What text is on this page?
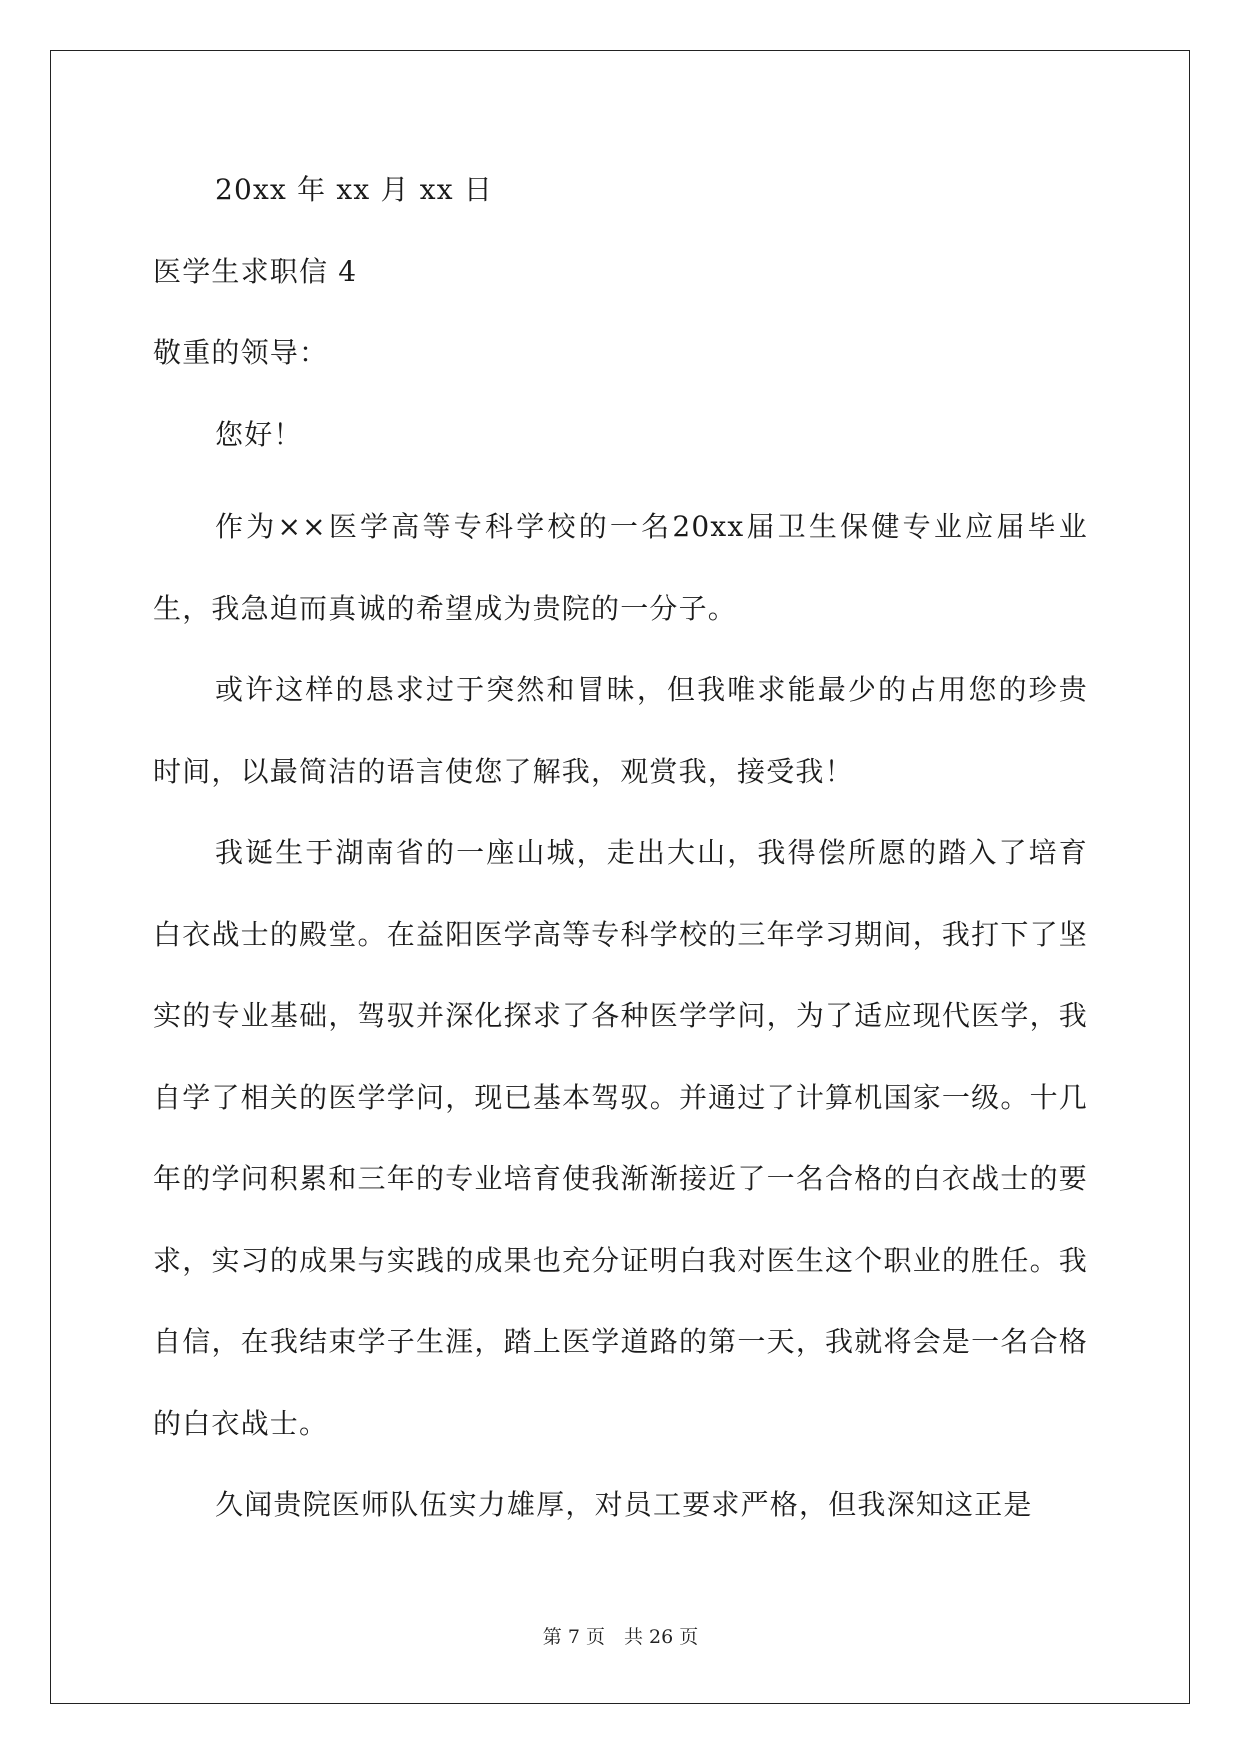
20xx 年 xx 月 xx 日
医学生求职信 4
敬重的领导：
您好！
作为××医学高等专科学校的一名20xx届卫生保健专业应届毕业生，我急迫而真诚的希望成为贵院的一分子。
或许这样的恳求过于突然和冒昧，但我唯求能最少的占用您的珍贵时间，以最简洁的语言使您了解我，观赏我，接受我！
我诞生于湖南省的一座山城，走出大山，我得偿所愿的踏入了培育白衣战士的殿堂。在益阳医学高等专科学校的三年学习期间，我打下了坚实的专业基础，驾驭并深化探求了各种医学学问，为了适应现代医学，我自学了相关的医学学问，现已基本驾驭。并通过了计算机国家一级。十几年的学问积累和三年的专业培育使我渐渐接近了一名合格的白衣战士的要求，实习的成果与实践的成果也充分证明白我对医生这个职业的胜任。我自信，在我结束学子生涯，踏上医学道路的第一天，我就将会是一名合格的白衣战士。
久闻贵院医师队伍实力雄厚，对员工要求严格，但我深知这正是
第 7 页　共 26 页
